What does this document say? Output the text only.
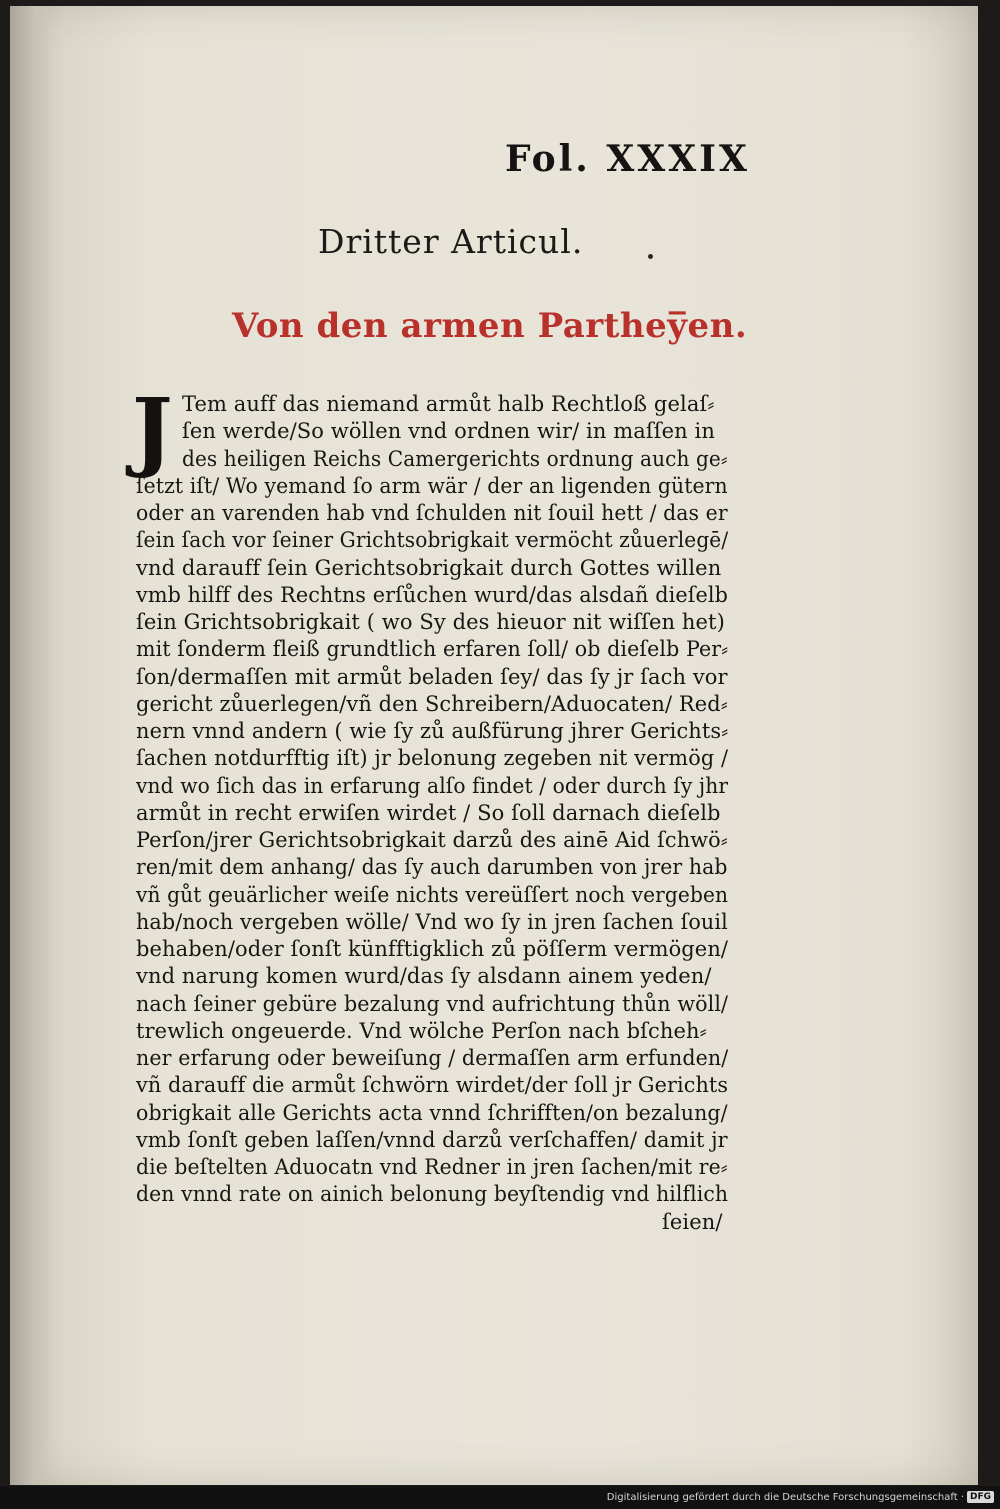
Fol. XXXIX
Dritter Articul.
Von den armen Parthey̅en.
J Tem auff das niemand armůt halb Rechtloß gelaſ⸗
ſen werde/So wöllen vnd ordnen wir/ in maſſen in
des heiligen Reichs Camergerichts ordnung auch ge⸗
ſetzt iſt/ Wo yemand ſo arm wär / der an ligenden gütern
oder an varenden hab vnd ſchulden nit ſouil hett / das er
ſein ſach vor ſeiner Grichtsobrigkait vermöcht zůuerlegē/
vnd darauff ſein Gerichtsobrigkait durch Gottes willen
vmb hilff des Rechtns erſůchen wurd/das alsdañ dieſelb
ſein Grichtsobrigkait ( wo Sy des hieuor nit wiſſen het)
mit ſonderm fleiß grundtlich erfaren ſoll/ ob dieſelb Per⸗
ſon/dermaſſen mit armůt beladen ſey/ das ſy jr ſach vor
gericht zůuerlegen/vñ den Schreibern/Aduocaten/ Red⸗
nern vnnd andern ( wie ſy zů außfürung jhrer Gerichts⸗
ſachen notdurfftig iſt) jr belonung zegeben nit vermög /
vnd wo ſich das in erfarung alſo findet / oder durch ſy jhr
armůt in recht erwiſen wirdet / So ſoll darnach dieſelb
Perſon/jrer Gerichtsobrigkait darzů des ainē Aid ſchwö⸗
ren/mit dem anhang/ das ſy auch darumben von jrer hab
vñ gůt geuärlicher weiſe nichts vereüſſert noch vergeben
hab/noch vergeben wölle/ Vnd wo ſy in jren ſachen ſouil
behaben/oder ſonſt künfftigklich zů pöſſerm vermögen/
vnd narung komen wurd/das ſy alsdann ainem yeden/
nach ſeiner gebüre bezalung vnd aufrichtung thůn wöll/
trewlich ongeuerde. Vnd wölche Perſon nach bſcheh⸗
ner erfarung oder beweiſung / dermaſſen arm erfunden/
vñ darauff die armůt ſchwörn wirdet/der ſoll jr Gerichts
obrigkait alle Gerichts acta vnnd ſchrifften/on bezalung/
vmb ſonſt geben laſſen/vnnd darzů verſchaffen/ damit jr
die beſtelten Aduocatn vnd Redner in jren ſachen/mit re⸗
den vnnd rate on ainich belonung beyſtendig vnd hilflich
ſeien/
Digitalisierung gefördert durch die Deutsche Forschungsgemeinschaft · DFG
